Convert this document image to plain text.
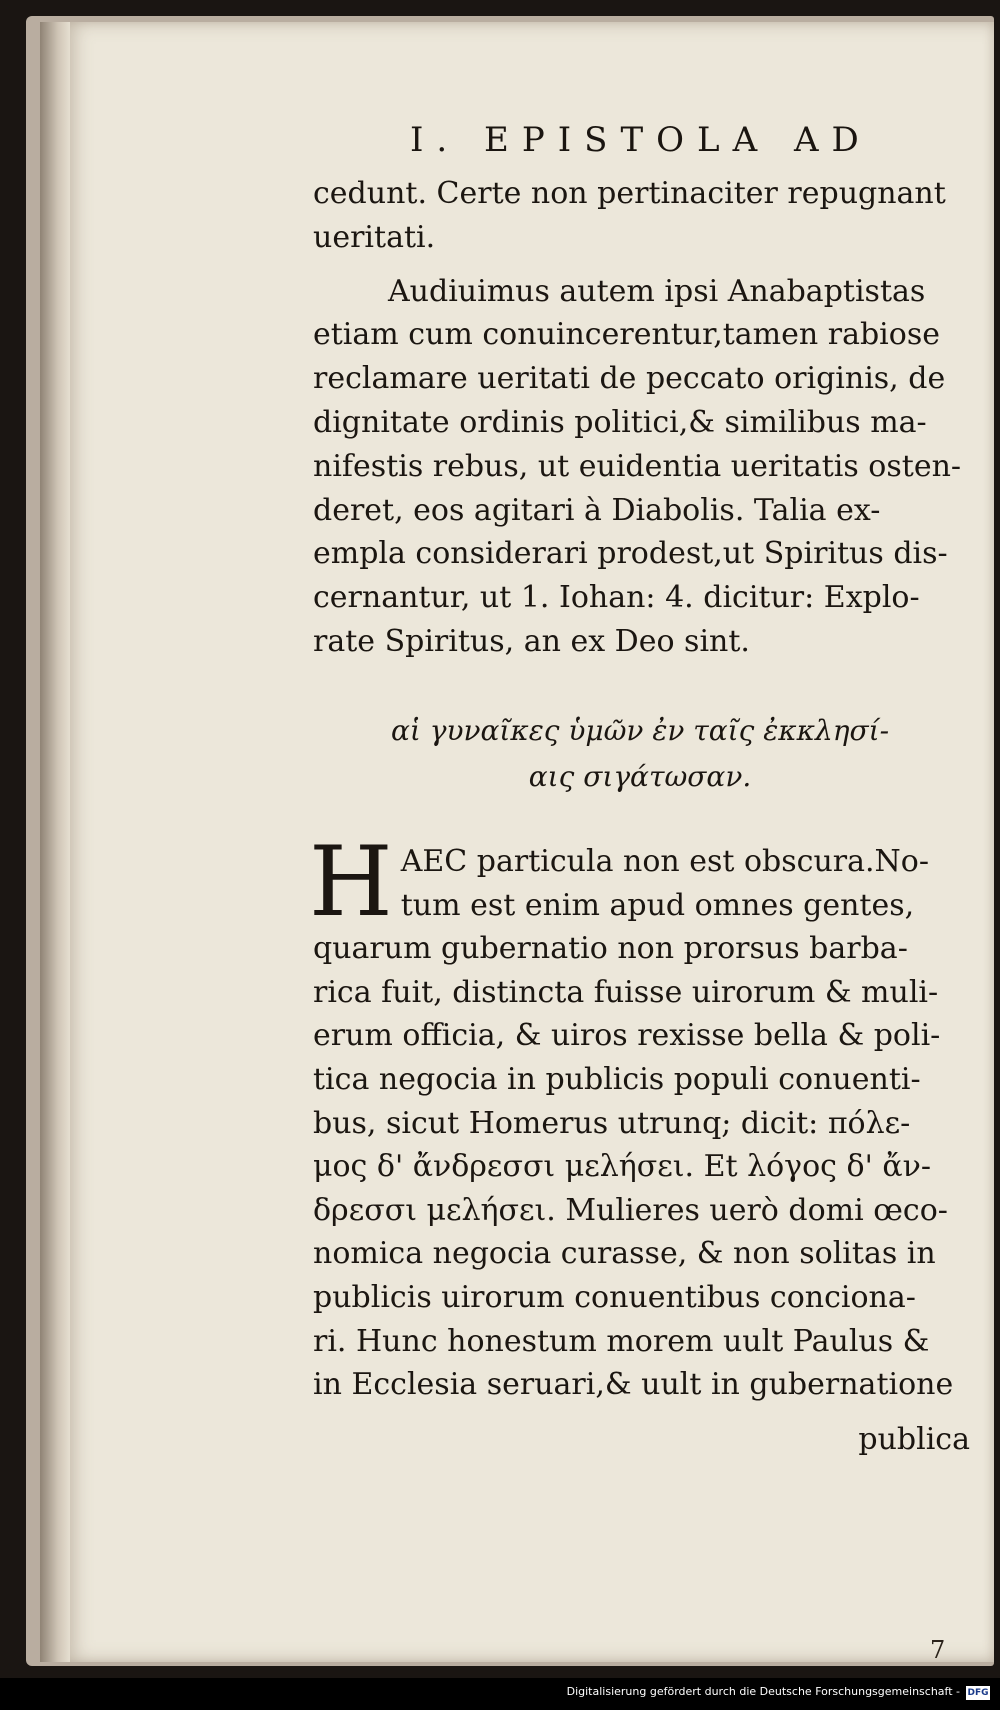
I. EPISTOLA AD

cedunt. Certe non pertinaciter repugnant
ueritati.

Audiuimus autem ipsi Anabaptistas
etiam cum conuincerentur,tamen rabiose
reclamare ueritati de peccato originis, de
dignitate ordinis politici,& similibus ma-
nifestis rebus, ut euidentia ueritatis osten-
deret, eos agitari à Diabolis. Talia ex-
empla considerari prodest,ut Spiritus dis-
cernantur, ut 1. Iohan: 4. dicitur: Explo-
rate Spiritus, an ex Deo sint.

αἱ γυναῖκες ὑμῶν ἐν ταῖς ἐκκλησί-
αις σιγάτωσαν.
H AEC particula non est obscura.No-
tum est enim apud omnes gentes,
quarum gubernatio non prorsus barba-
rica fuit, distincta fuisse uirorum & muli-
erum officia, & uiros rexisse bella & poli-
tica negocia in publicis populi conuenti-
bus, sicut Homerus utrunq; dicit: πόλε-
μος δ' ἄνδρεσσι μελήσει. Et λόγος δ' ἄν-
δρεσσι μελήσει. Mulieres uerò domi œco-
nomica negocia curasse, & non solitas in
publicis uirorum conuentibus conciona-
ri. Hunc honestum morem uult Paulus &
in Ecclesia seruari,& uult in gubernatione

publica
7
Digitalisierung gefördert durch die Deutsche Forschungsgemeinschaft - DFG
